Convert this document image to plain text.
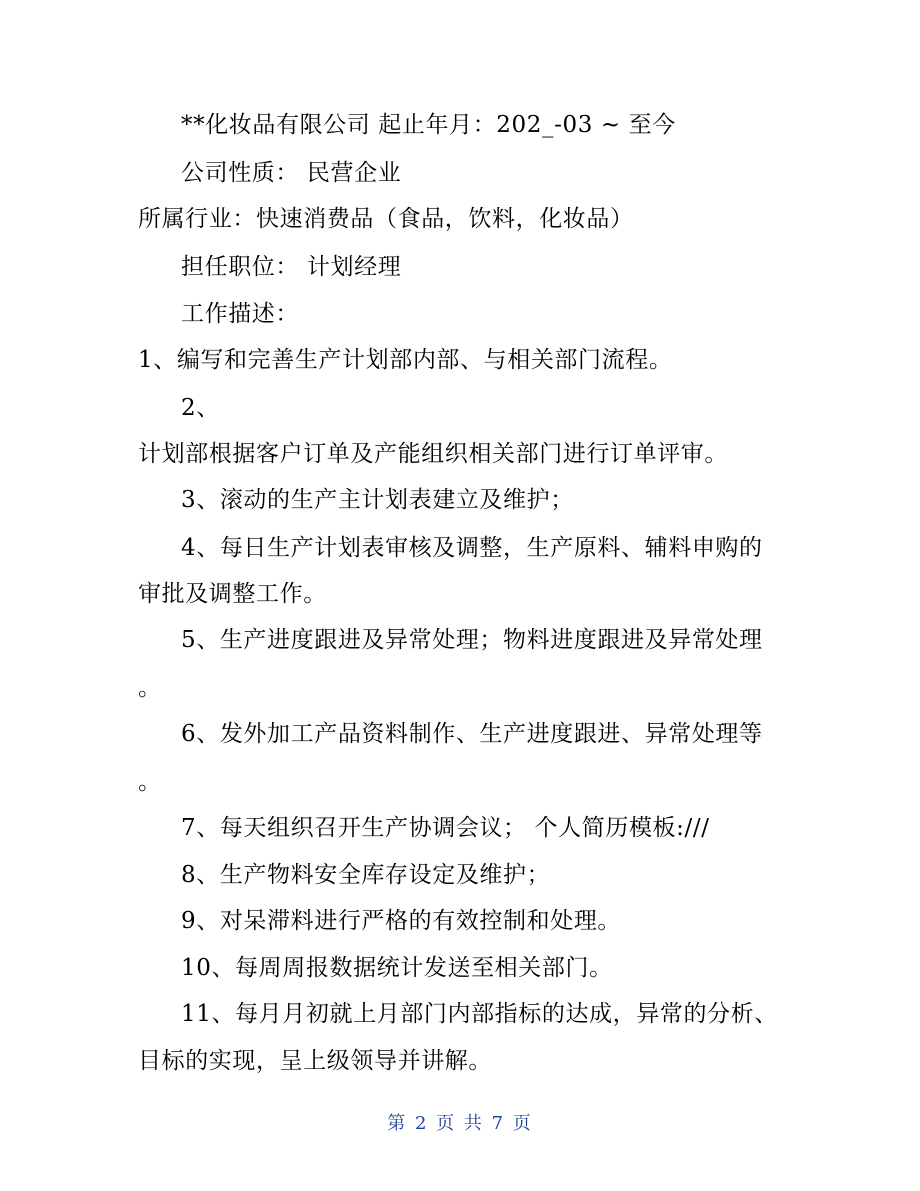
**化妆品有限公司 起止年月：202_-03 ~ 至今
公司性质： 民营企业
所属行业：快速消费品（食品，饮料，化妆品）
担任职位： 计划经理
工作描述：
1、编写和完善生产计划部内部、与相关部门流程。
2、
计划部根据客户订单及产能组织相关部门进行订单评审。
3、滚动的生产主计划表建立及维护；
4、每日生产计划表审核及调整，生产原料、辅料申购的
审批及调整工作。
5、生产进度跟进及异常处理；物料进度跟进及异常处理
。
6、发外加工产品资料制作、生产进度跟进、异常处理等
。
7、每天组织召开生产协调会议； 个人简历模板:///
8、生产物料安全库存设定及维护；
9、对呆滞料进行严格的有效控制和处理。
10、每周周报数据统计发送至相关部门。
11、每月月初就上月部门内部指标的达成，异常的分析、
目标的实现，呈上级领导并讲解。
第 2 页 共 7 页
